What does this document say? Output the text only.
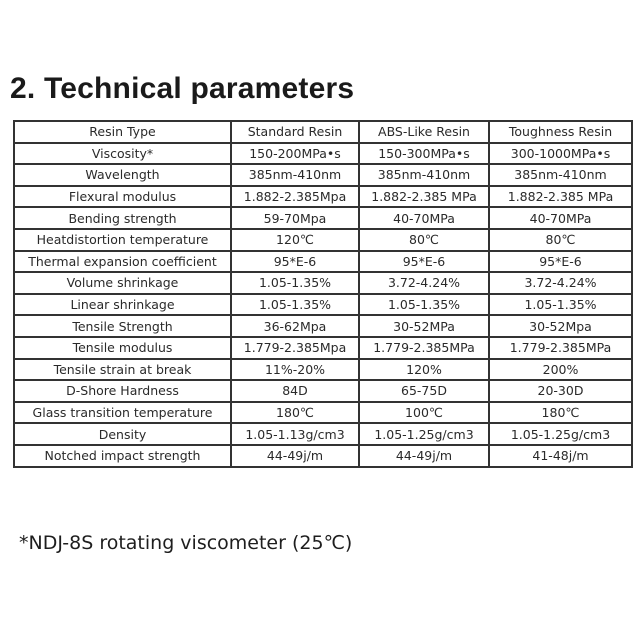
2. Technical parameters
Resin Type	Standard Resin	ABS-Like Resin	Toughness Resin
Viscosity*	150-200MPa•s	150-300MPa•s	300-1000MPa•s
Wavelength	385nm-410nm	385nm-410nm	385nm-410nm
Flexural modulus	1.882-2.385Mpa	1.882-2.385 MPa	1.882-2.385 MPa
Bending strength	59-70Mpa	40-70MPa	40-70MPa
Heatdistortion temperature	120℃	80℃	80℃
Thermal expansion coefficient	95*E-6	95*E-6	95*E-6
Volume shrinkage	1.05-1.35%	3.72-4.24%	3.72-4.24%
Linear shrinkage	1.05-1.35%	1.05-1.35%	1.05-1.35%
Tensile Strength	36-62Mpa	30-52MPa	30-52Mpa
Tensile modulus	1.779-2.385Mpa	1.779-2.385MPa	1.779-2.385MPa
Tensile strain at break	11%-20%	120%	200%
D-Shore Hardness	84D	65-75D	20-30D
Glass transition temperature	180℃	100℃	180℃
Density	1.05-1.13g/cm3	1.05-1.25g/cm3	1.05-1.25g/cm3
Notched impact strength	44-49j/m	44-49j/m	41-48j/m
*NDJ-8S rotating viscometer (25℃)
